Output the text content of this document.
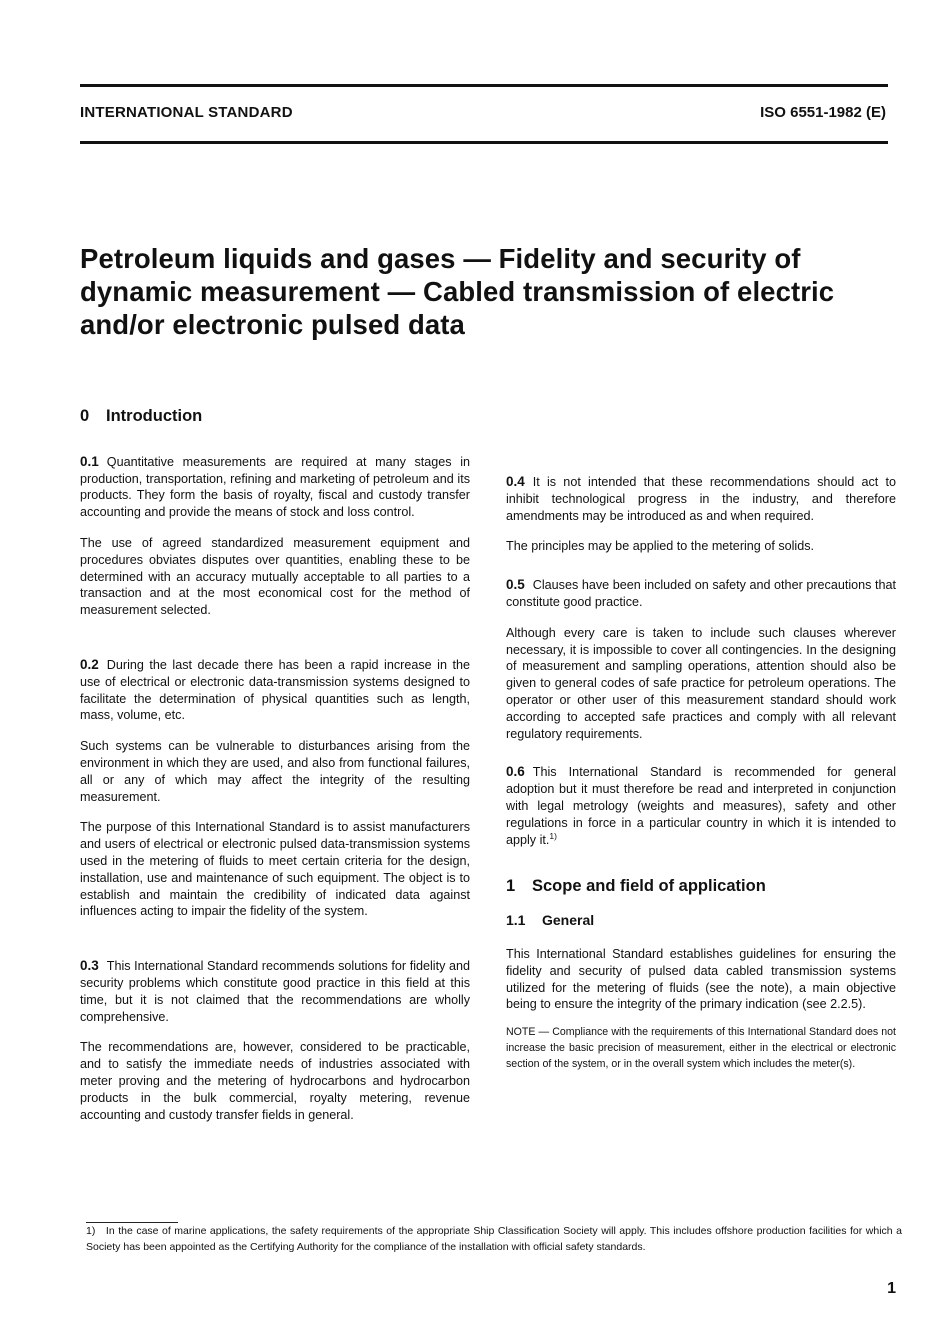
INTERNATIONAL STANDARD	ISO 6551-1982 (E)
Petroleum liquids and gases — Fidelity and security of
dynamic measurement — Cabled transmission of electric
and/or electronic pulsed data
0 Introduction

0.1 Quantitative measurements are required at many stages in production, transportation, refining and marketing of petroleum and its products. They form the basis of royalty, fiscal and custody transfer accounting and provide the means of stock and loss control.

The use of agreed standardized measurement equipment and procedures obviates disputes over quantities, enabling these to be determined with an accuracy mutually acceptable to all parties to a transaction and at the most economical cost for the method of measurement selected.

0.2 During the last decade there has been a rapid increase in the use of electrical or electronic data-transmission systems designed to facilitate the determination of physical quantities such as length, mass, volume, etc.

Such systems can be vulnerable to disturbances arising from the environment in which they are used, and also from functional failures, all or any of which may affect the integrity of the resulting measurement.

The purpose of this International Standard is to assist manufacturers and users of electrical or electronic pulsed data-transmission systems used in the metering of fluids to meet certain criteria for the design, installation, use and maintenance of such equipment. The object is to establish and maintain the credibility of indicated data against influences acting to impair the fidelity of the system.

0.3 This International Standard recommends solutions for fidelity and security problems which constitute good practice in this field at this time, but it is not claimed that the recommendations are wholly comprehensive.

The recommendations are, however, considered to be practicable, and to satisfy the immediate needs of industries associated with meter proving and the metering of hydrocarbons and hydrocarbon products in the bulk commercial, royalty metering, revenue accounting and custody transfer fields in general.

0.4 It is not intended that these recommendations should act to inhibit technological progress in the industry, and therefore amendments may be introduced as and when required.

The principles may be applied to the metering of solids.

0.5 Clauses have been included on safety and other precautions that constitute good practice.

Although every care is taken to include such clauses wherever necessary, it is impossible to cover all contingencies. In the designing of measurement and sampling operations, attention should also be given to general codes of safe practice for petroleum operations. The operator or other user of this measurement standard should work according to accepted safe practices and comply with all relevant regulatory requirements.

0.6 This International Standard is recommended for general adoption but it must therefore be read and interpreted in conjunction with legal metrology (weights and measures), safety and other regulations in force in a particular country in which it is intended to apply it.$^{1)}$

1 Scope and field of application
1.1 General

This International Standard establishes guidelines for ensuring the fidelity and security of pulsed data cabled transmission systems utilized for the metering of fluids (see the note), a main objective being to ensure the integrity of the primary indication (see 2.2.5).

NOTE — Compliance with the requirements of this International Standard does not increase the basic precision of measurement, either in the electrical or electronic section of the system, or in the overall system which includes the meter(s).

1) In the case of marine applications, the safety requirements of the appropriate Ship Classification Society will apply. This includes offshore production facilities for which a Society has been appointed as the Certifying Authority for the compliance of the installation with official safety standards.

1
